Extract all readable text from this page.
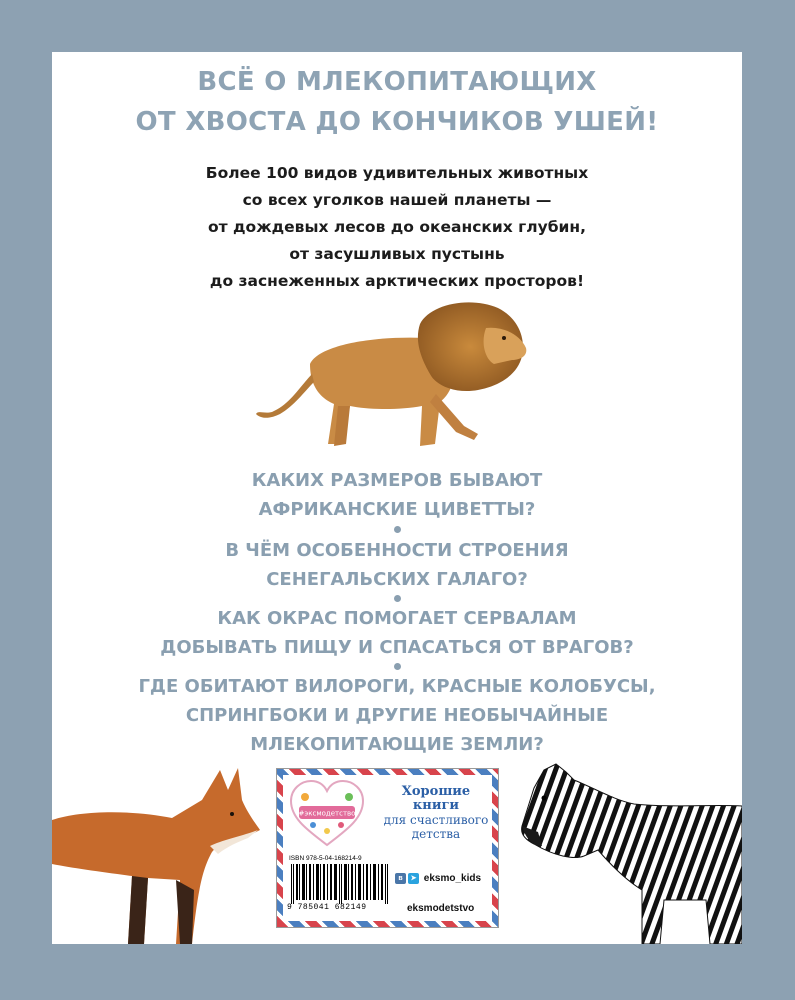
ВСЁ О МЛЕКОПИТАЮЩИХ
ОТ ХВОСТА ДО КОНЧИКОВ УШЕЙ!
Более 100 видов удивительных животных
со всех уголков нашей планеты —
от дождевых лесов до океанских глубин,
от засушливых пустынь
до заснеженных арктических просторов!
КАКИХ РАЗМЕРОВ БЫВАЮТ
АФРИКАНСКИЕ ЦИВЕТТЫ?
В ЧЁМ ОСОБЕННОСТИ СТРОЕНИЯ
СЕНЕГАЛЬСКИХ ГАЛАГО?
КАК ОКРАС ПОМОГАЕТ СЕРВАЛАМ
ДОБЫВАТЬ ПИЩУ И СПАСАТЬСЯ ОТ ВРАГОВ?
ГДЕ ОБИТАЮТ ВИЛОРОГИ, КРАСНЫЕ КОЛОБУСЫ,
СПРИНГБОКИ И ДРУГИЕ НЕОБЫЧАЙНЫЕ
МЛЕКОПИТАЮЩИЕ ЗЕМЛИ?
#эксмодетство
Хорошие
книги
для счастливого
детства
ISBN 978-5-04-168214-9
9 785041 682149
в ➤ eksmo_kids
eksmodetstvo
